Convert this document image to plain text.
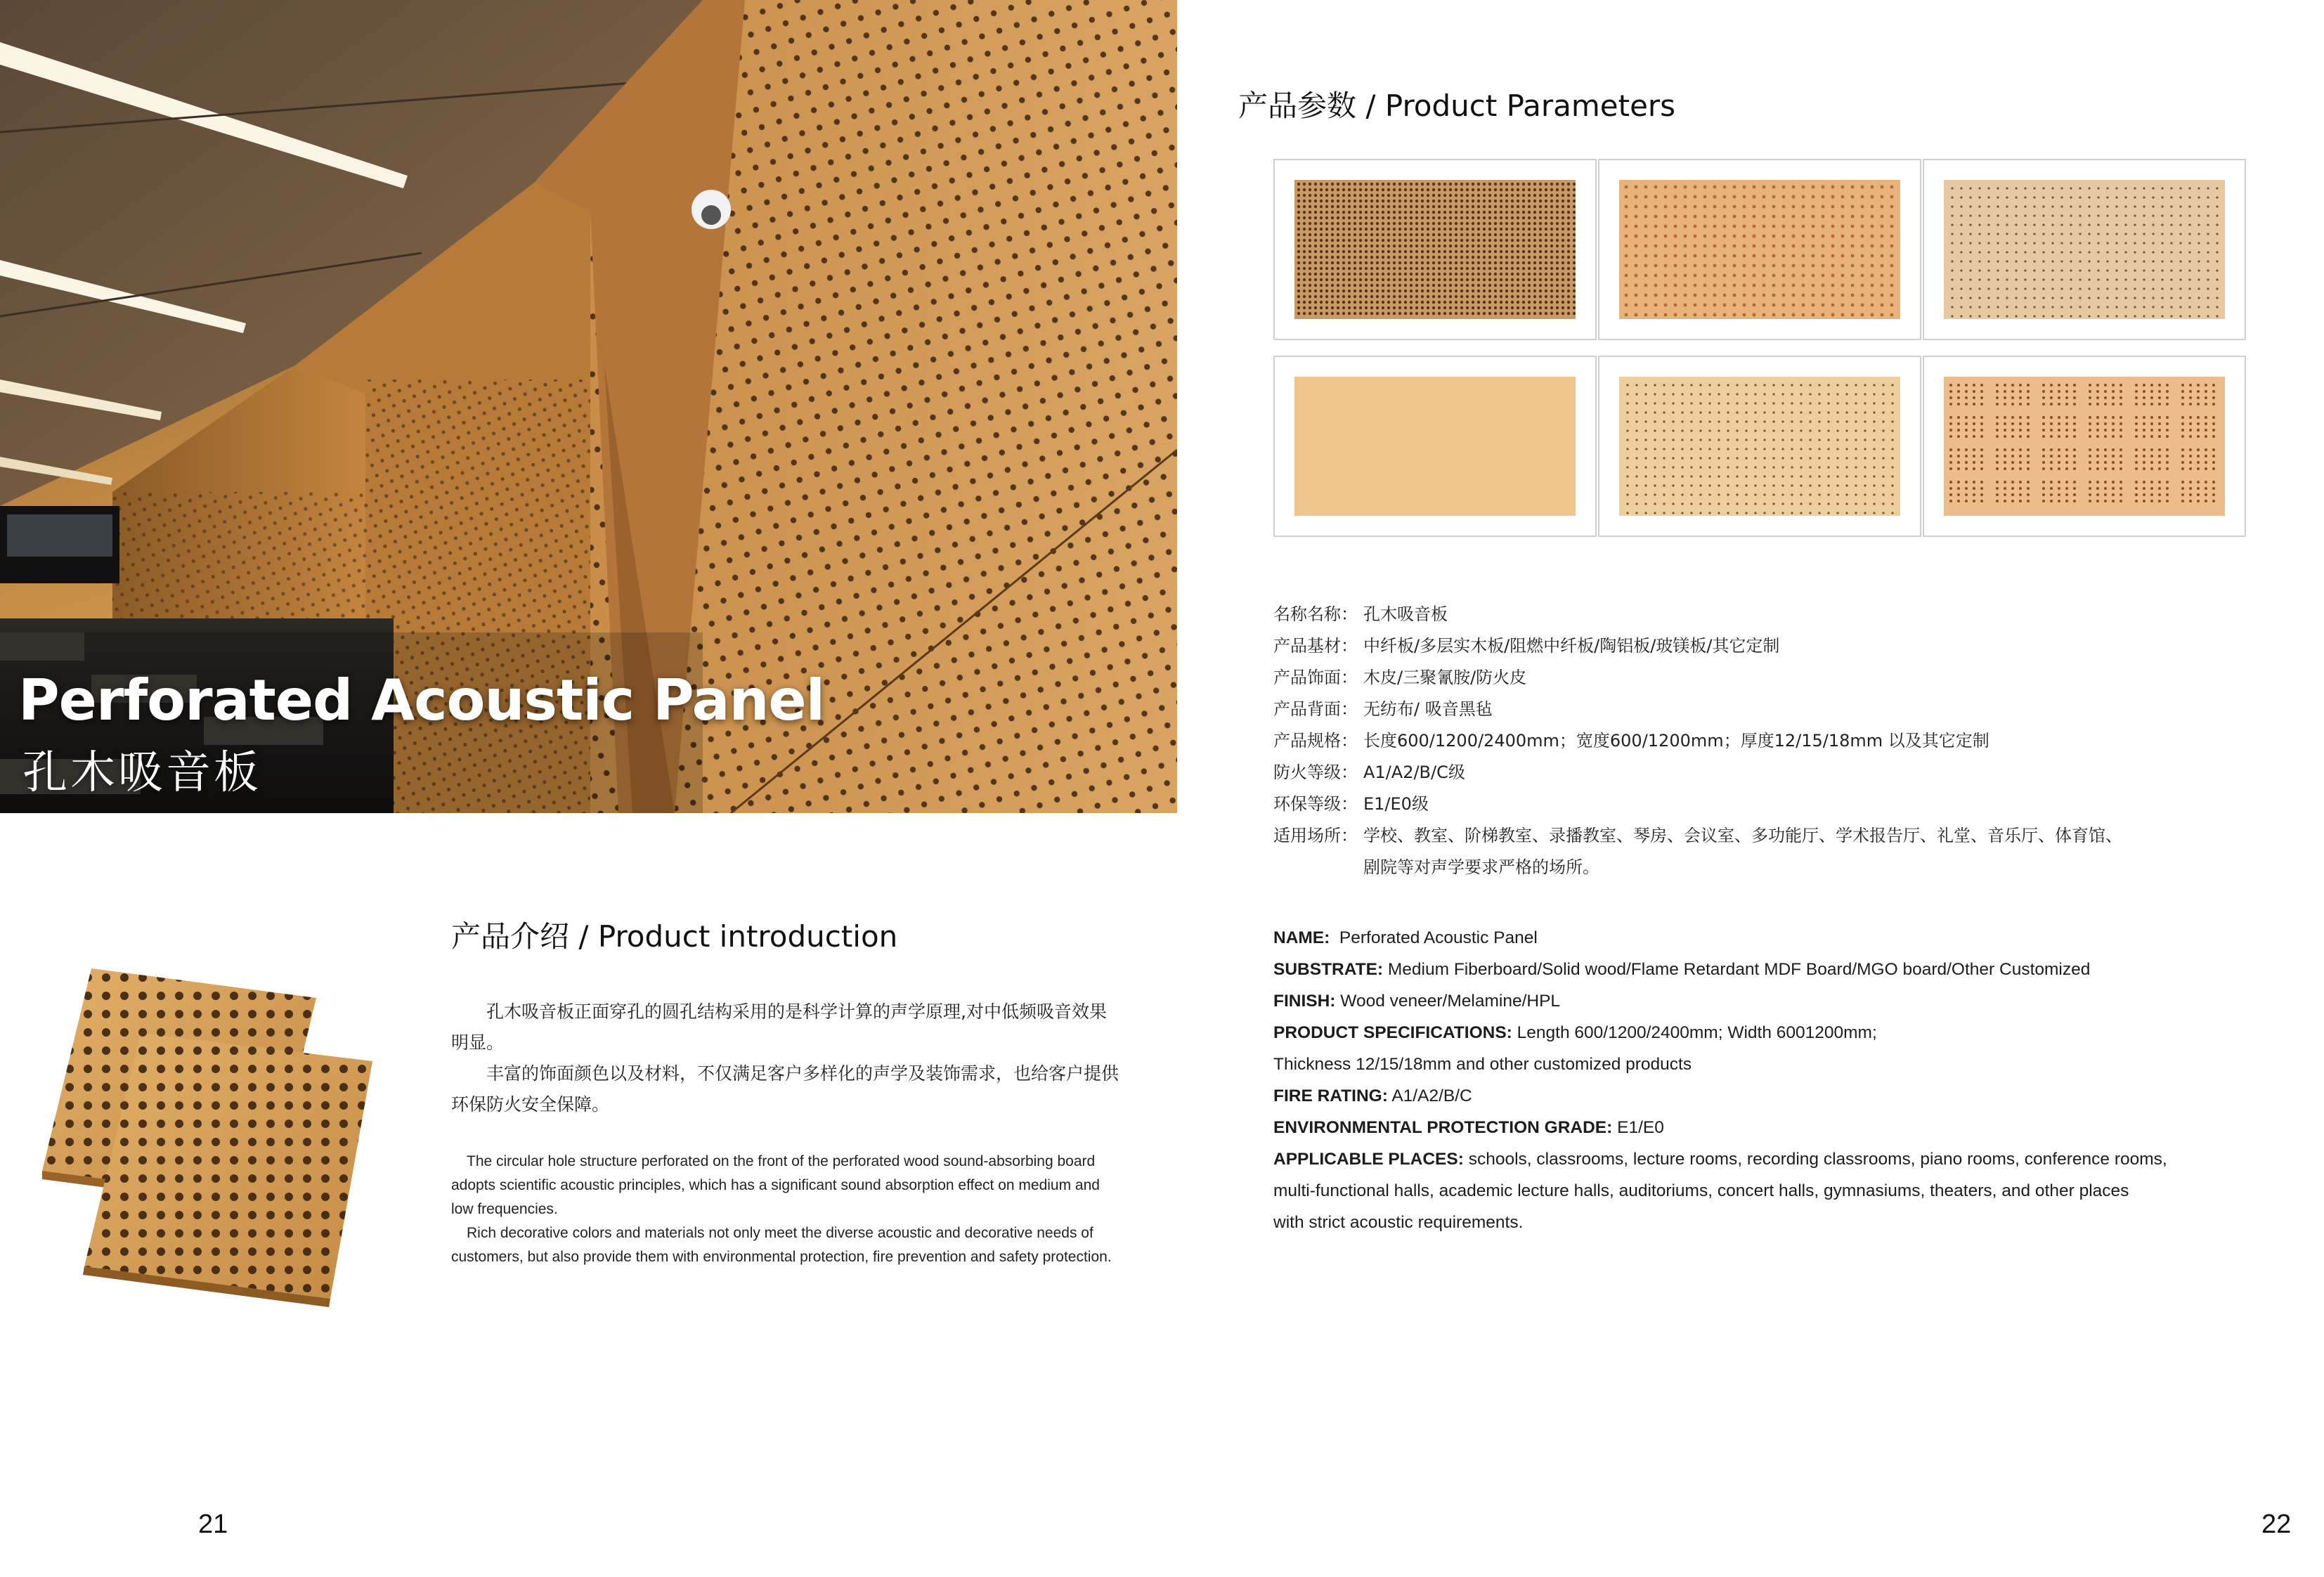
Perforated Acoustic Panel
孔木吸音板
产品介绍 / Product introduction

孔木吸音板正面穿孔的圆孔结构采用的是科学计算的声学原理,对中低频吸音效果明显。

丰富的饰面颜色以及材料，不仅满足客户多样化的声学及装饰需求，也给客户提供环保防火安全保障。

The circular hole structure perforated on the front of the perforated wood sound-absorbing board adopts scientific acoustic principles, which has a significant sound absorption effect on medium and low frequencies.

Rich decorative colors and materials not only meet the diverse acoustic and decorative needs of customers, but also provide them with environmental protection, fire prevention and safety protection.

21

产品参数 / Product Parameters
名称名称： 孔木吸音板
产品基材： 中纤板/多层实木板/阻燃中纤板/陶铝板/玻镁板/其它定制
产品饰面： 木皮/三聚氰胺/防火皮
产品背面： 无纺布/ 吸音黑毡
产品规格： 长度600/1200/2400mm；宽度600/1200mm；厚度12/15/18mm 以及其它定制
防火等级： A1/A2/B/C级
环保等级： E1/E0级
适用场所： 学校、教室、阶梯教室、录播教室、琴房、会议室、多功能厅、学术报告厅、礼堂、音乐厅、体育馆、
剧院等对声学要求严格的场所。
NAME: Perforated Acoustic Panel
SUBSTRATE: Medium Fiberboard/Solid wood/Flame Retardant MDF Board/MGO board/Other Customized
FINISH: Wood veneer/Melamine/HPL
PRODUCT SPECIFICATIONS: Length 600/1200/2400mm; Width 6001200mm;
Thickness 12/15/18mm and other customized products
FIRE RATING: A1/A2/B/C
ENVIRONMENTAL PROTECTION GRADE: E1/E0
APPLICABLE PLACES: schools, classrooms, lecture rooms, recording classrooms, piano rooms, conference rooms,
multi-functional halls, academic lecture halls, auditoriums, concert halls, gymnasiums, theaters, and other places
with strict acoustic requirements.

22
